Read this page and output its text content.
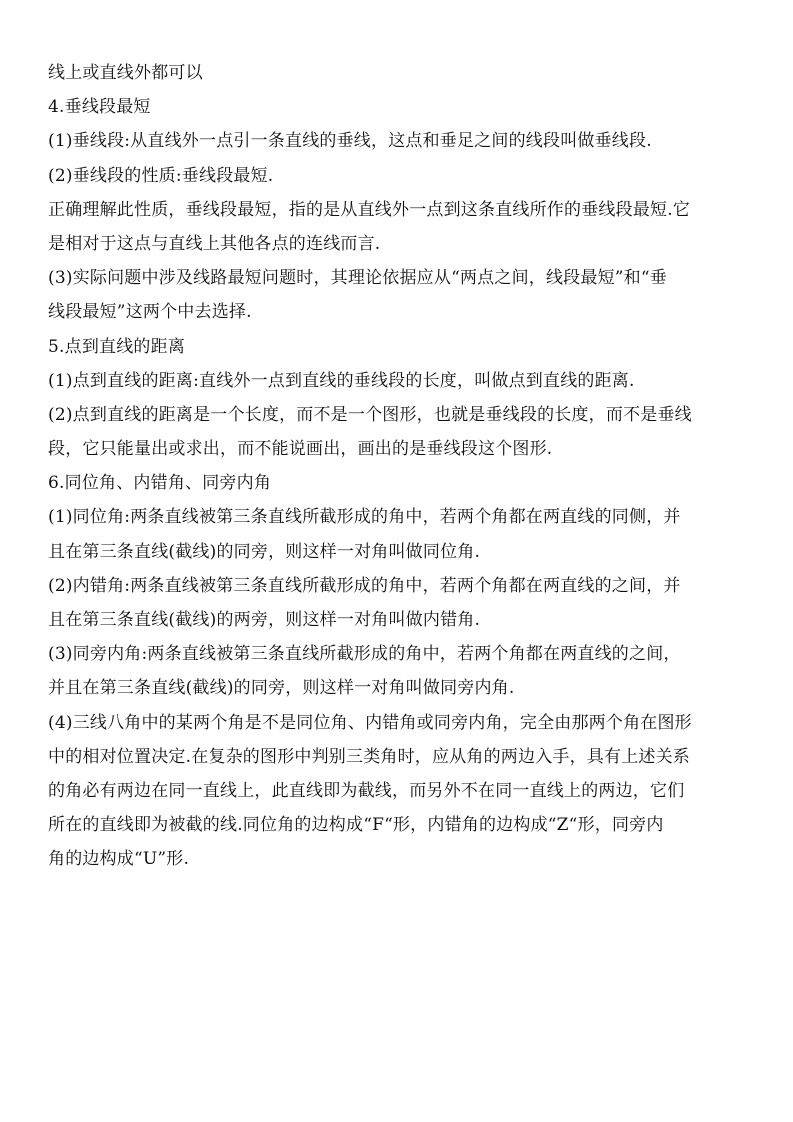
线上或直线外都可以
4.垂线段最短
(1)垂线段:从直线外一点引一条直线的垂线，这点和垂足之间的线段叫做垂线段.
(2)垂线段的性质:垂线段最短.
正确理解此性质，垂线段最短，指的是从直线外一点到这条直线所作的垂线段最短.它
是相对于这点与直线上其他各点的连线而言.
(3)实际问题中涉及线路最短问题时，其理论依据应从“两点之间，线段最短”和“垂
线段最短”这两个中去选择.
5.点到直线的距离
(1)点到直线的距离:直线外一点到直线的垂线段的长度，叫做点到直线的距离.
(2)点到直线的距离是一个长度，而不是一个图形，也就是垂线段的长度，而不是垂线
段，它只能量出或求出，而不能说画出，画出的是垂线段这个图形.
6.同位角、内错角、同旁内角
(1)同位角:两条直线被第三条直线所截形成的角中，若两个角都在两直线的同侧，并
且在第三条直线(截线)的同旁，则这样一对角叫做同位角.
(2)内错角:两条直线被第三条直线所截形成的角中，若两个角都在两直线的之间，并
且在第三条直线(截线)的两旁，则这样一对角叫做内错角.
(3)同旁内角:两条直线被第三条直线所截形成的角中，若两个角都在两直线的之间，
并且在第三条直线(截线)的同旁，则这样一对角叫做同旁内角.
(4)三线八角中的某两个角是不是同位角、内错角或同旁内角，完全由那两个角在图形
中的相对位置决定.在复杂的图形中判别三类角时，应从角的两边入手，具有上述关系
的角必有两边在同一直线上，此直线即为截线，而另外不在同一直线上的两边，它们
所在的直线即为被截的线.同位角的边构成“F“形，内错角的边构成“Z“形，同旁内
角的边构成“U”形.
